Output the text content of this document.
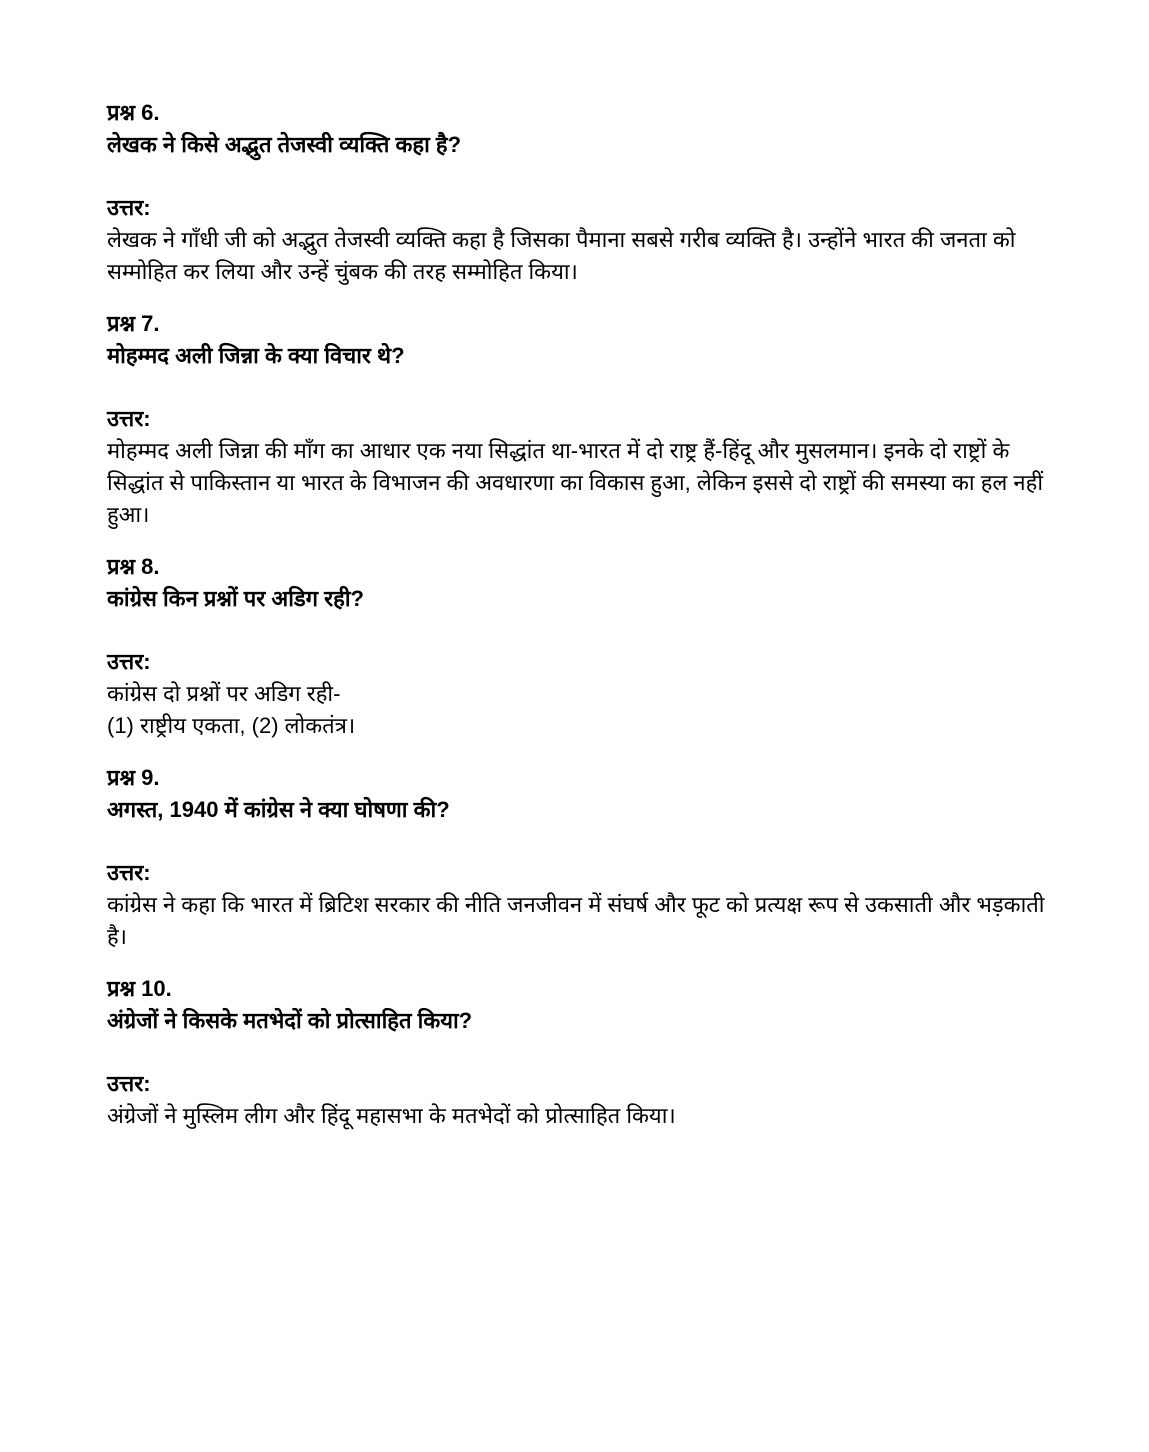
प्रश्न 6.
लेखक ने किसे अद्भुत तेजस्वी व्यक्ति कहा है?

उत्तर:

लेखक ने गाँधी जी को अद्भुत तेजस्वी व्यक्ति कहा है जिसका पैमाना सबसे गरीब व्यक्ति है। उन्होंने भारत की जनता को सम्मोहित कर लिया और उन्हें चुंबक की तरह सम्मोहित किया।

प्रश्न 7.
मोहम्मद अली जिन्ना के क्या विचार थे?

उत्तर:

मोहम्मद अली जिन्ना की माँग का आधार एक नया सिद्धांत था-भारत में दो राष्ट्र हैं-हिंदू और मुसलमान। इनके दो राष्ट्रों के सिद्धांत से पाकिस्तान या भारत के विभाजन की अवधारणा का विकास हुआ, लेकिन इससे दो राष्ट्रों की समस्या का हल नहीं हुआ।

प्रश्न 8.
कांग्रेस किन प्रश्नों पर अडिग रही?

उत्तर:

कांग्रेस दो प्रश्नों पर अडिग रही-

(1) राष्ट्रीय एकता, (2) लोकतंत्र।

प्रश्न 9.
अगस्त, 1940 में कांग्रेस ने क्या घोषणा की?

उत्तर:

कांग्रेस ने कहा कि भारत में ब्रिटिश सरकार की नीति जनजीवन में संघर्ष और फूट को प्रत्यक्ष रूप से उकसाती और भड़काती है।

प्रश्न 10.
अंग्रेजों ने किसके मतभेदों को प्रोत्साहित किया?

उत्तर:

अंग्रेजों ने मुस्लिम लीग और हिंदू महासभा के मतभेदों को प्रोत्साहित किया।
